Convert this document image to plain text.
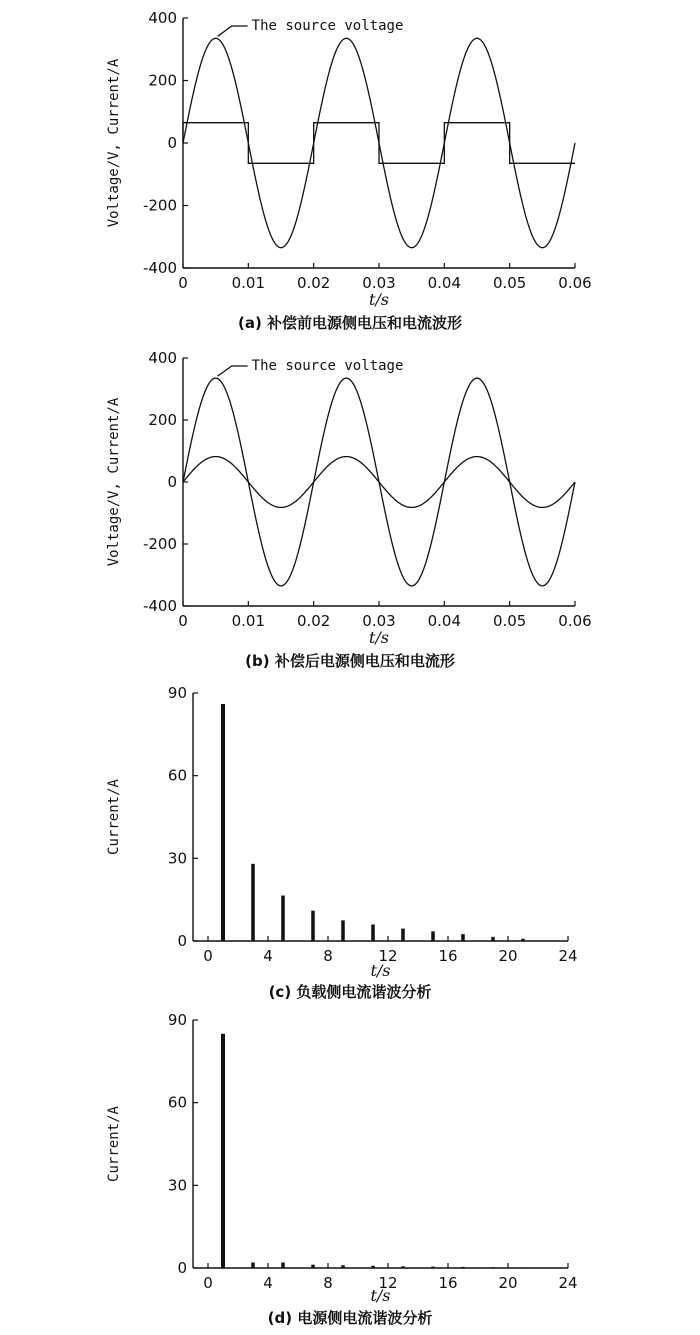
-400
-200
0
200
400
0	0.01 0.02 0.03 0.04 0.05 0.06
Voltage/V, Current/A
t/s
(a) 补偿前电源侧电压和电流波形
The source voltage
-400
-200
0
200
400
0	0.01 0.02 0.03 0.04 0.05 0.06
Voltage/V, Current/A
t/s
(b) 补偿后电源侧电压和电流形
The source voltage
0
30
60
90
0	4	8	12	16	20	24
Current/A
t/s
(c) 负载侧电流谐波分析
0
30
60
90
0	4	8	12	16	20	24
Current/A
t/s
(d) 电源侧电流谐波分析
